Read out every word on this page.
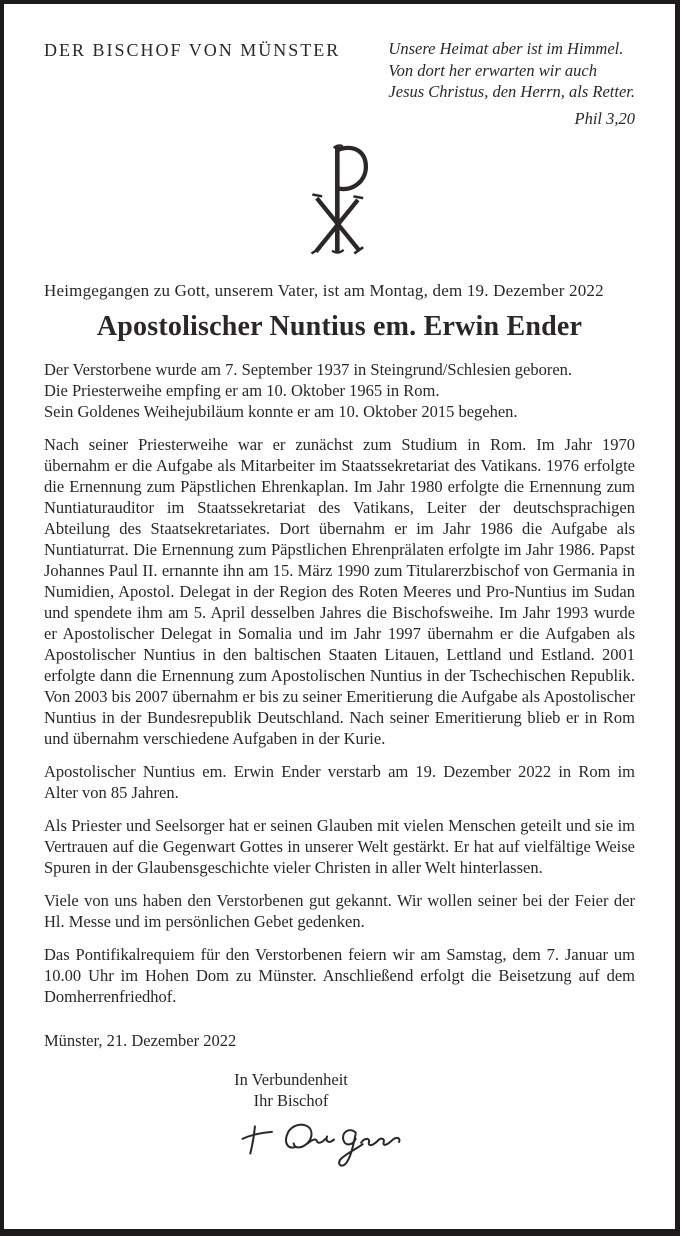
DER BISCHOF VON MÜNSTER	Unsere Heimat aber ist im Himmel.
Von dort her erwarten wir auch
Jesus Christus, den Herrn, als Retter.
Phil 3,20

Heimgegangen zu Gott, unserem Vater, ist am Montag, dem 19. Dezember 2022

Apostolischer Nuntius em. Erwin Ender

Der Verstorbene wurde am 7. September 1937 in Steingrund/Schlesien geboren.
Die Priesterweihe empfing er am 10. Oktober 1965 in Rom.
Sein Goldenes Weihejubiläum konnte er am 10. Oktober 2015 begehen.

Nach seiner Priesterweihe war er zunächst zum Studium in Rom. Im Jahr 1970 übernahm er die Aufgabe als Mitarbeiter im Staatssekretariat des Vatikans. 1976 erfolgte die Ernennung zum Päpstlichen Ehrenkaplan. Im Jahr 1980 erfolgte die Ernennung zum Nuntiaturauditor im Staatssekretariat des Vatikans, Leiter der deutschsprachigen Abteilung des Staatsekretariates. Dort übernahm er im Jahr 1986 die Aufgabe als Nuntiaturrat. Die Ernennung zum Päpstlichen Ehrenprälaten erfolgte im Jahr 1986. Papst Johannes Paul II. ernannte ihn am 15. März 1990 zum Titularerzbischof von Germania in Numidien, Apostol. Delegat in der Region des Roten Meeres und Pro-Nuntius im Sudan und spendete ihm am 5. April desselben Jahres die Bischofsweihe. Im Jahr 1993 wurde er Apostolischer Delegat in Somalia und im Jahr 1997 übernahm er die Aufgaben als Apostolischer Nuntius in den baltischen Staaten Litauen, Lettland und Estland. 2001 erfolgte dann die Ernennung zum Apostolischen Nuntius in der Tschechischen Republik. Von 2003 bis 2007 übernahm er bis zu seiner Emeritierung die Aufgabe als Apostolischer Nuntius in der Bundesrepublik Deutschland. Nach seiner Emeritierung blieb er in Rom und übernahm verschiedene Aufgaben in der Kurie.

Apostolischer Nuntius em. Erwin Ender verstarb am 19. Dezember 2022 in Rom im Alter von 85 Jahren.

Als Priester und Seelsorger hat er seinen Glauben mit vielen Menschen geteilt und sie im Vertrauen auf die Gegenwart Gottes in unserer Welt gestärkt. Er hat auf vielfältige Weise Spuren in der Glaubensgeschichte vieler Christen in aller Welt hinterlassen.

Viele von uns haben den Verstorbenen gut gekannt. Wir wollen seiner bei der Feier der Hl. Messe und im persönlichen Gebet gedenken.

Das Pontifikalrequiem für den Verstorbenen feiern wir am Samstag, dem 7. Januar um 10.00 Uhr im Hohen Dom zu Münster. Anschließend erfolgt die Beisetzung auf dem Domherrenfriedhof.

Münster, 21. Dezember 2022

In Verbundenheit
Ihr Bischof
